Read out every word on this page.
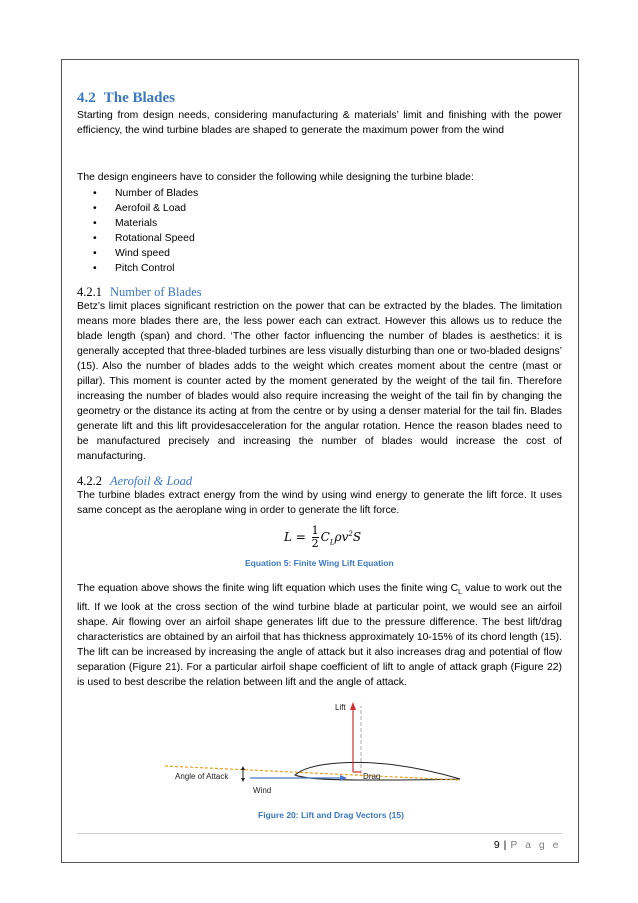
4.2 The Blades

Starting from design needs, considering manufacturing & materials’ limit and finishing with the power efficiency, the wind turbine blades are shaped to generate the maximum power from the wind

The design engineers have to consider the following while designing the turbine blade:

• Number of Blades
• Aerofoil & Load
• Materials
• Rotational Speed
• Wind speed
• Pitch Control
4.2.1 Number of Blades

Betz’s limit places significant restriction on the power that can be extracted by the blades. The limitation means more blades there are, the less power each can extract. However this allows us to reduce the blade length (span) and chord. ‘The other factor influencing the number of blades is aesthetics: it is generally accepted that three-bladed turbines are less visually disturbing than one or two-bladed designs’ (15). Also the number of blades adds to the weight which creates moment about the centre (mast or pillar). This moment is counter acted by the moment generated by the weight of the tail fin. Therefore increasing the number of blades would also require increasing the weight of the tail fin by changing the geometry or the distance its acting at from the centre or by using a denser material for the tail fin. Blades generate lift and this lift providesacceleration for the angular rotation. Hence the reason blades need to be manufactured precisely and increasing the number of blades would increase the cost of manufacturing.

4.2.2 Aerofoil & Load

The turbine blades extract energy from the wind by using wind energy to generate the lift force. It uses same concept as the aeroplane wing in order to generate the lift force.

$L = \frac{1}{2} C_L\rho v^2S$
Equation 5: Finite Wing Lift Equation

The equation above shows the finite wing lift equation which uses the finite wing $C_L$ value to work out the lift. If we look at the cross section of the wind turbine blade at particular point, we would see an airfoil shape. Air flowing over an airfoil shape generates lift due to the pressure difference. The best lift/drag characteristics are obtained by an airfoil that has thickness approximately 10-15% of its chord length (15). The lift can be increased by increasing the angle of attack but it also increases drag and potential of flow separation (Figure 21). For a particular airfoil shape coefficient of lift to angle of attack graph (Figure 22) is used to best describe the relation between lift and the angle of attack.

Lift
Drag
Angle of Attack
Wind
Figure 20: Lift and Drag Vectors (15)
9 | P a g e
